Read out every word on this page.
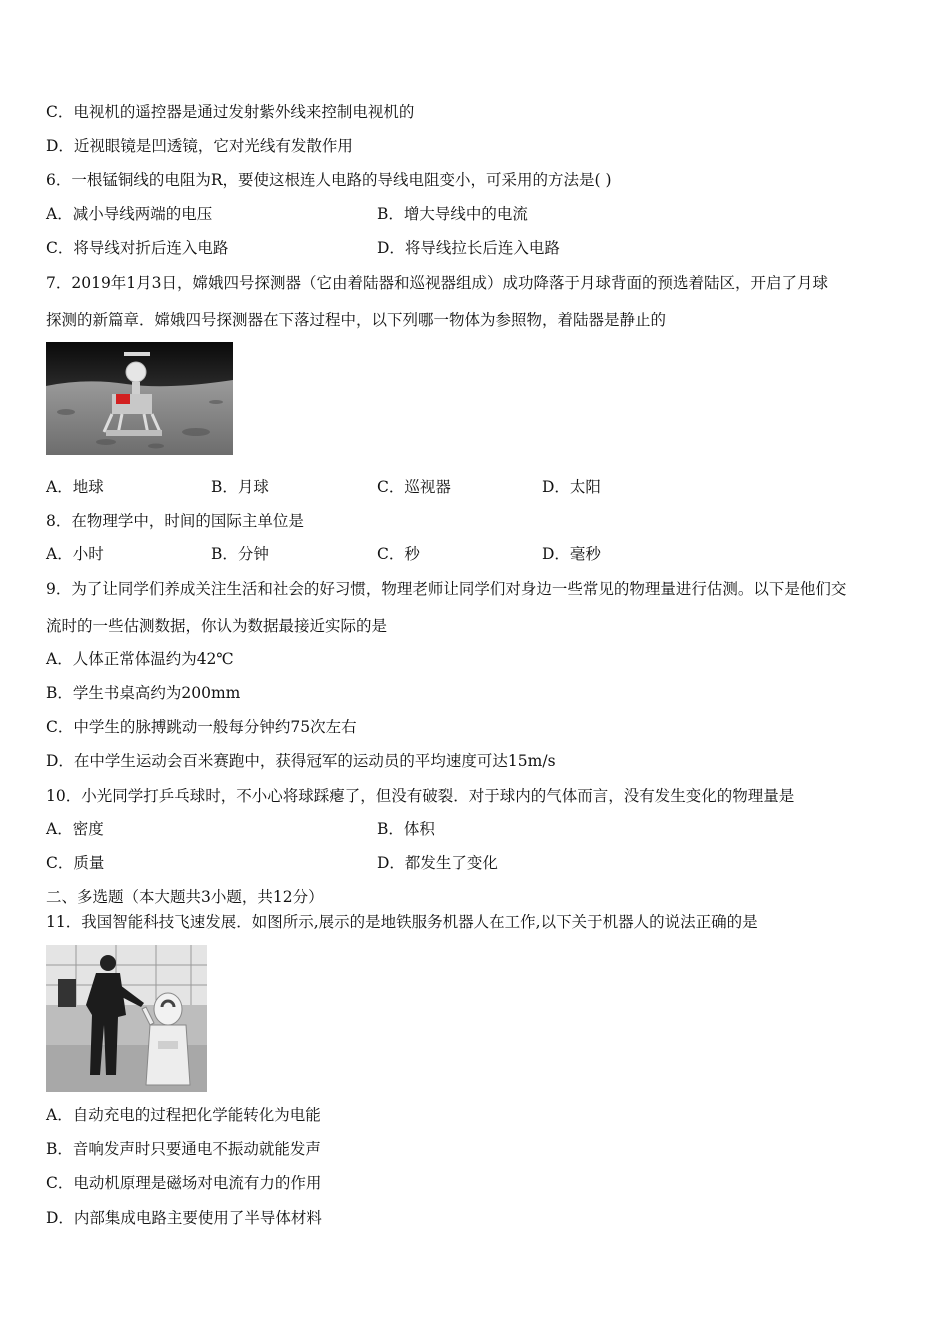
C．电视机的遥控器是通过发射紫外线来控制电视机的
D．近视眼镜是凹透镜，它对光线有发散作用
6．一根锰铜线的电阻为R，要使这根连人电路的导线电阻变小，可采用的方法是( )
A．减小导线两端的电压	B．增大导线中的电流
C．将导线对折后连入电路	D．将导线拉长后连入电路
7．2019年1月3日，嫦娥四号探测器（它由着陆器和巡视器组成）成功降落于月球背面的预选着陆区，开启了月球
探测的新篇章．嫦娥四号探测器在下落过程中，以下列哪一物体为参照物，着陆器是静止的
A．地球	B．月球	C．巡视器	D．太阳
8．在物理学中，时间的国际主单位是
A．小时	B．分钟	C．秒	D．毫秒
9．为了让同学们养成关注生活和社会的好习惯，物理老师让同学们对身边一些常见的物理量进行估测。以下是他们交
流时的一些估测数据，你认为数据最接近实际的是
A．人体正常体温约为42℃
B．学生书桌高约为200mm
C．中学生的脉搏跳动一般每分钟约75次左右
D．在中学生运动会百米赛跑中，获得冠军的运动员的平均速度可达15m/s
10．小光同学打乒乓球时，不小心将球踩瘪了，但没有破裂．对于球内的气体而言，没有发生变化的物理量是
A．密度	B．体积
C．质量	D．都发生了变化
二、多选题（本大题共3小题，共12分）
11．我国智能科技飞速发展．如图所示,展示的是地铁服务机器人在工作,以下关于机器人的说法正确的是
A．自动充电的过程把化学能转化为电能
B．音响发声时只要通电不振动就能发声
C．电动机原理是磁场对电流有力的作用
D．内部集成电路主要使用了半导体材料
